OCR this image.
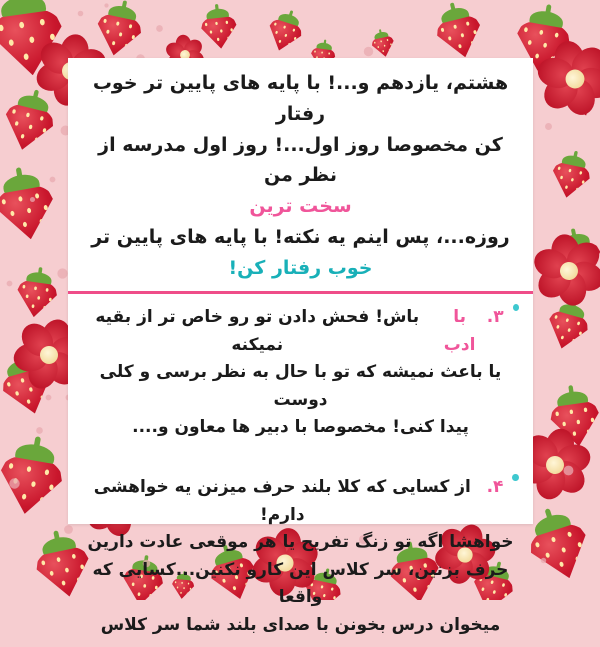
هشتم، یازدهم و...! با پایه های پایین تر خوب رفتار
کن مخصوصا روز اول...! روز اول مدرسه از نظر من
سخت ترین
روزه...، پس اینم یه نکته! با پایه های پایین تر
خوب رفتار کن!
۳.
با ادب
باش! فحش دادن تو رو خاص تر از بقیه نمیکنه
یا باعث نمیشه که تو با حال به نظر برسی و کلی دوست
پیدا کنی! مخصوصا با دبیر ها معاون و....
۴.
از کسایی که کلا بلند حرف میزنن یه خواهشی دارم!
خواهشا اگه تو زنگ تفریح یا هر موقعی عادت دارین
حرف بزنین، سر کلاس این کارو نکنین...کسایی که واقعا
میخوان درس بخونن با صدای بلند شما سر کلاس
